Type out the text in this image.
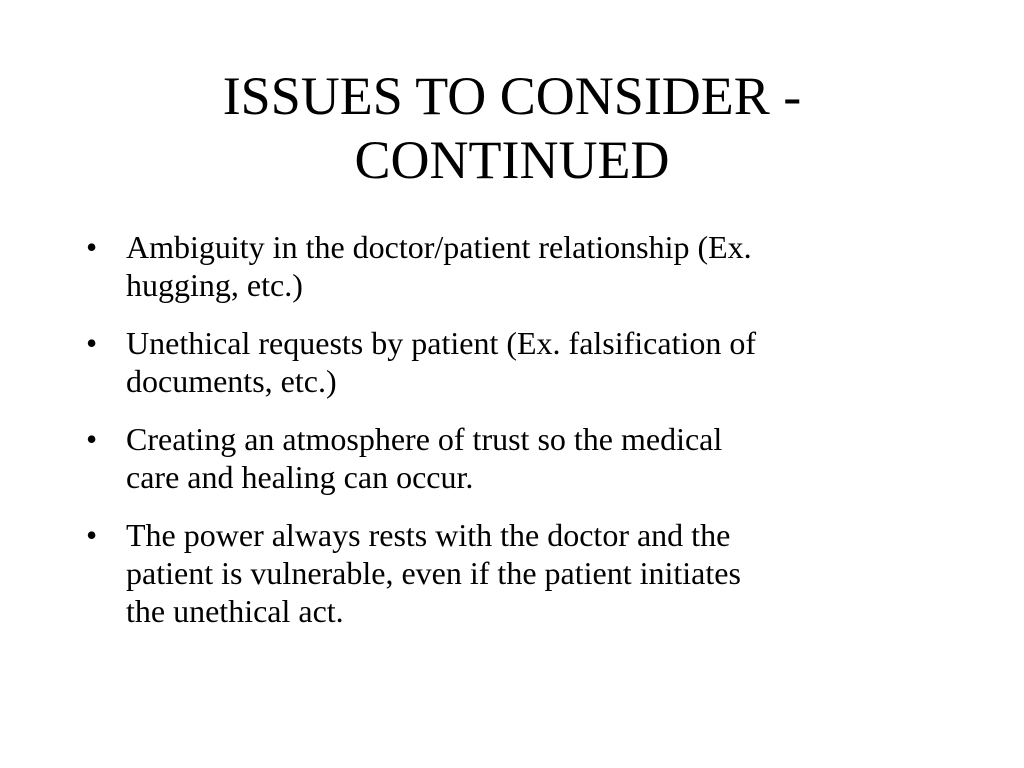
ISSUES TO CONSIDER -
CONTINUED
• Ambiguity in the doctor/patient relationship (Ex.
hugging, etc.)
• Unethical requests by patient (Ex. falsification of
documents, etc.)
• Creating an atmosphere of trust so the medical
care and healing can occur.
• The power always rests with the doctor and the
patient is vulnerable, even if the patient initiates
the unethical act.
